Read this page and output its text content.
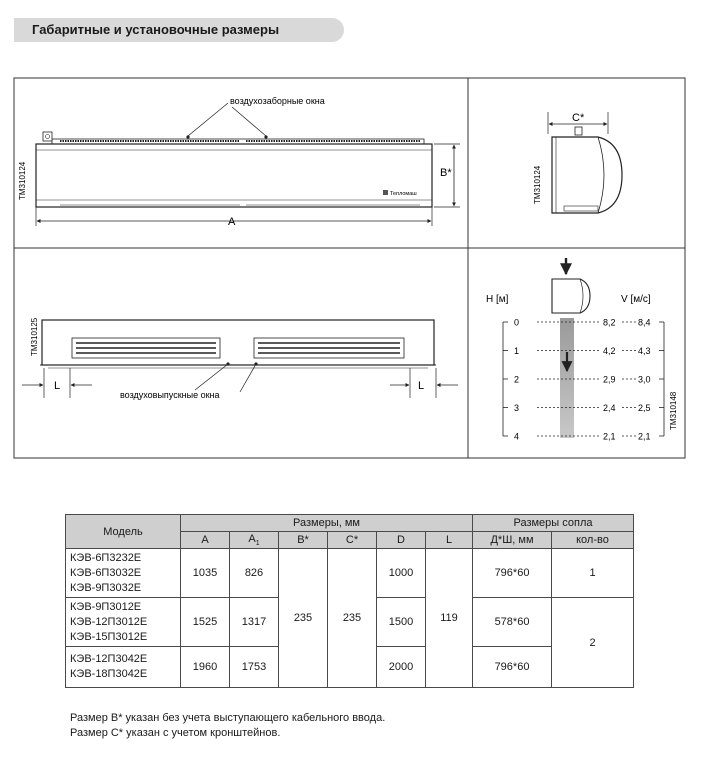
Габаритные и установочные размеры
ТМ310124
воздухозаборные окна
Тепломаш
A
B*	ТМ310124
C*
ТМ310125
воздуховыпускные окна
L	L
H [м]	V [м/с]
ТМ310148
0	8,2 8,4
1	4,2 4,3
2	2,9 3,0
3	2,4 2,5
4	2,1 2,1
Модель	Размеры, мм						Размеры сопла	
	A	$A_1$	B*	C*	D	L	Д*Ш, мм	кол-во

КЭВ-6П3232Е
КЭВ-6П3032Е
КЭВ-9П3032Е	1035	826	235	235	1000	119	796*60	1

КЭВ-9П3012Е
КЭВ-12П3012Е
КЭВ-15П3012Е	1525	1317			1500		578*60	2

КЭВ-12П3042Е
КЭВ-18П3042Е	1960	1753			2000		796*60	
Размер В* указан без учета выступающего кабельного ввода.
Размер С* указан с учетом кронштейнов.
